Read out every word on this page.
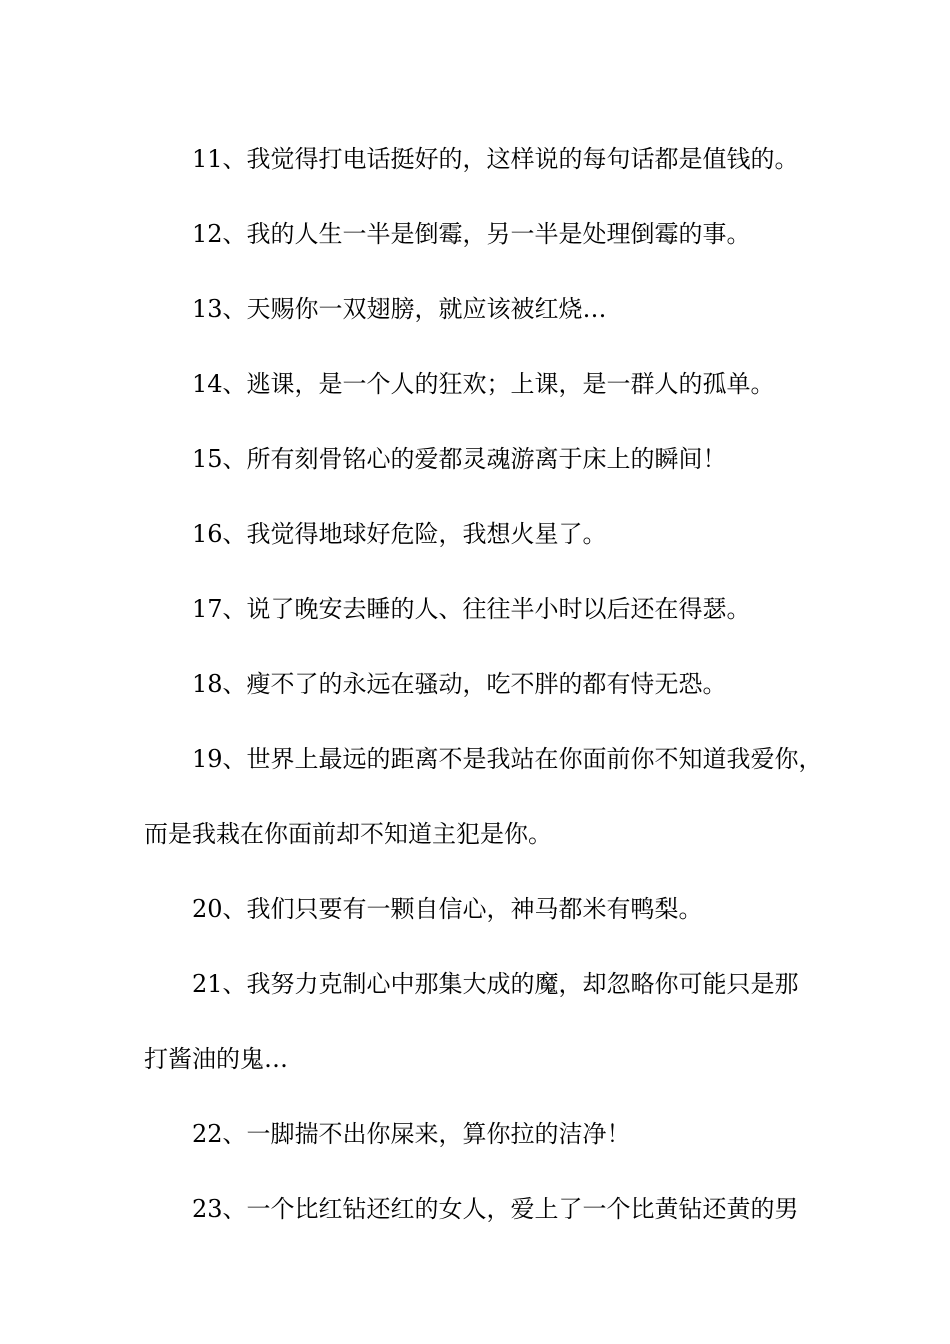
11、我觉得打电话挺好的，这样说的每句话都是值钱的。

12、我的人生一半是倒霉，另一半是处理倒霉的事。

13、天赐你一双翅膀，就应该被红烧…

14、逃课，是一个人的狂欢；上课，是一群人的孤单。

15、所有刻骨铭心的爱都灵魂游离于床上的瞬间！

16、我觉得地球好危险，我想火星了。

17、说了晚安去睡的人、往往半小时以后还在得瑟。

18、瘦不了的永远在骚动，吃不胖的都有恃无恐。

19、世界上最远的距离不是我站在你面前你不知道我爱你，

而是我栽在你面前却不知道主犯是你。

20、我们只要有一颗自信心，神马都米有鸭梨。

21、我努力克制心中那集大成的魔，却忽略你可能只是那

打酱油的鬼…

22、一脚揣不出你屎来，算你拉的洁净！

23、一个比红钻还红的女人，爱上了一个比黄钻还黄的男
